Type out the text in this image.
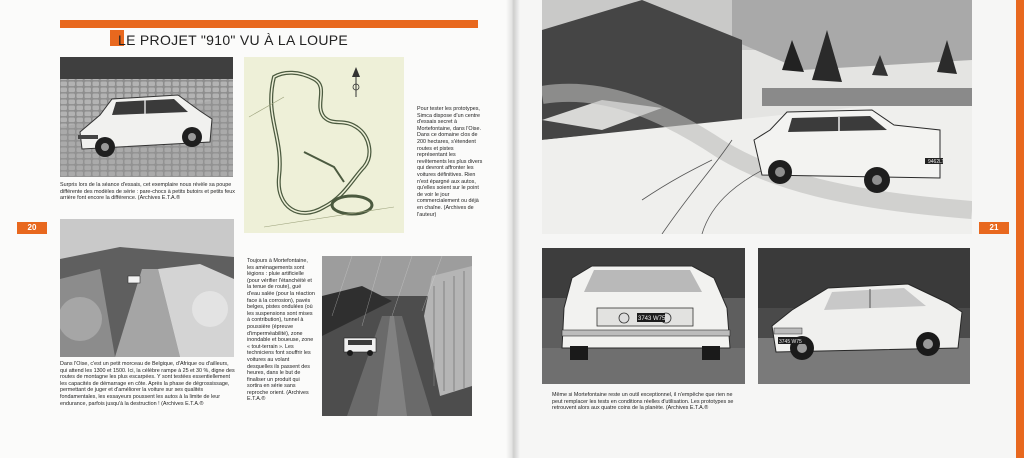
LE PROJET "910" VU À LA LOUPE
Surpris lors de la séance d'essais, cet exemplaire nous révèle sa poupe différente des modèles de série : pare-chocs à petits butoirs et petits feux arrière font encore la différence. (Archives E.T.A.®
Pour tester les prototypes, Simca dispose d'un centre d'essais secret à Mortefontaine, dans l'Oise. Dans ce domaine clos de 200 hectares, s'étendent routes et pistes représentant les revêtements les plus divers qui devront affronter les voitures définitives. Rien n'est épargné aux autos, qu'elles soient sur le point de voir le jour commercialement ou déjà en chaîne. (Archives de l'auteur)
20
Dans l'Oise, c'est un petit morceau de Belgique, d'Afrique ou d'ailleurs, qui attend les 1300 et 1500. Ici, la célèbre rampe à 25 et 30 %, digne des routes de montagne les plus escarpées. Y sont testées essentiellement les capacités de démarrage en côte. Après la phase de dégrossissage, permettant de juger et d'améliorer la voiture sur ses qualités fondamentales, les essayeurs poussent les autos à la limite de leur endurance, parfois jusqu'à la destruction ! (Archives E.T.A.®
Toujours à Mortefontaine, les aménagements sont légions : pluie artificielle (pour vérifier l'étanchéité et la tenue de route), gué d'eau salée (pour la réaction face à la corrosion), pavés belges, pistes ondulées (où les suspensions sont mises à contribution), tunnel à poussière (épreuve d'imperméabilité), zone inondable et boueuse, zone « tout-terrain ». Les techniciens font souffrir les voitures au volant desquelles ils passent des heures, dans le but de finaliser un produit qui sortira en série sans reproche orient. (Archives E.T.A.®
9462LT 78
21
3743 W75
3745 W75
Même si Mortefontaine reste un outil exceptionnel, il n'empêche que rien ne peut remplacer les tests en conditions réelles d'utilisation. Les prototypes se retrouvent alors aux quatre coins de la planète. (Archives E.T.A.®
